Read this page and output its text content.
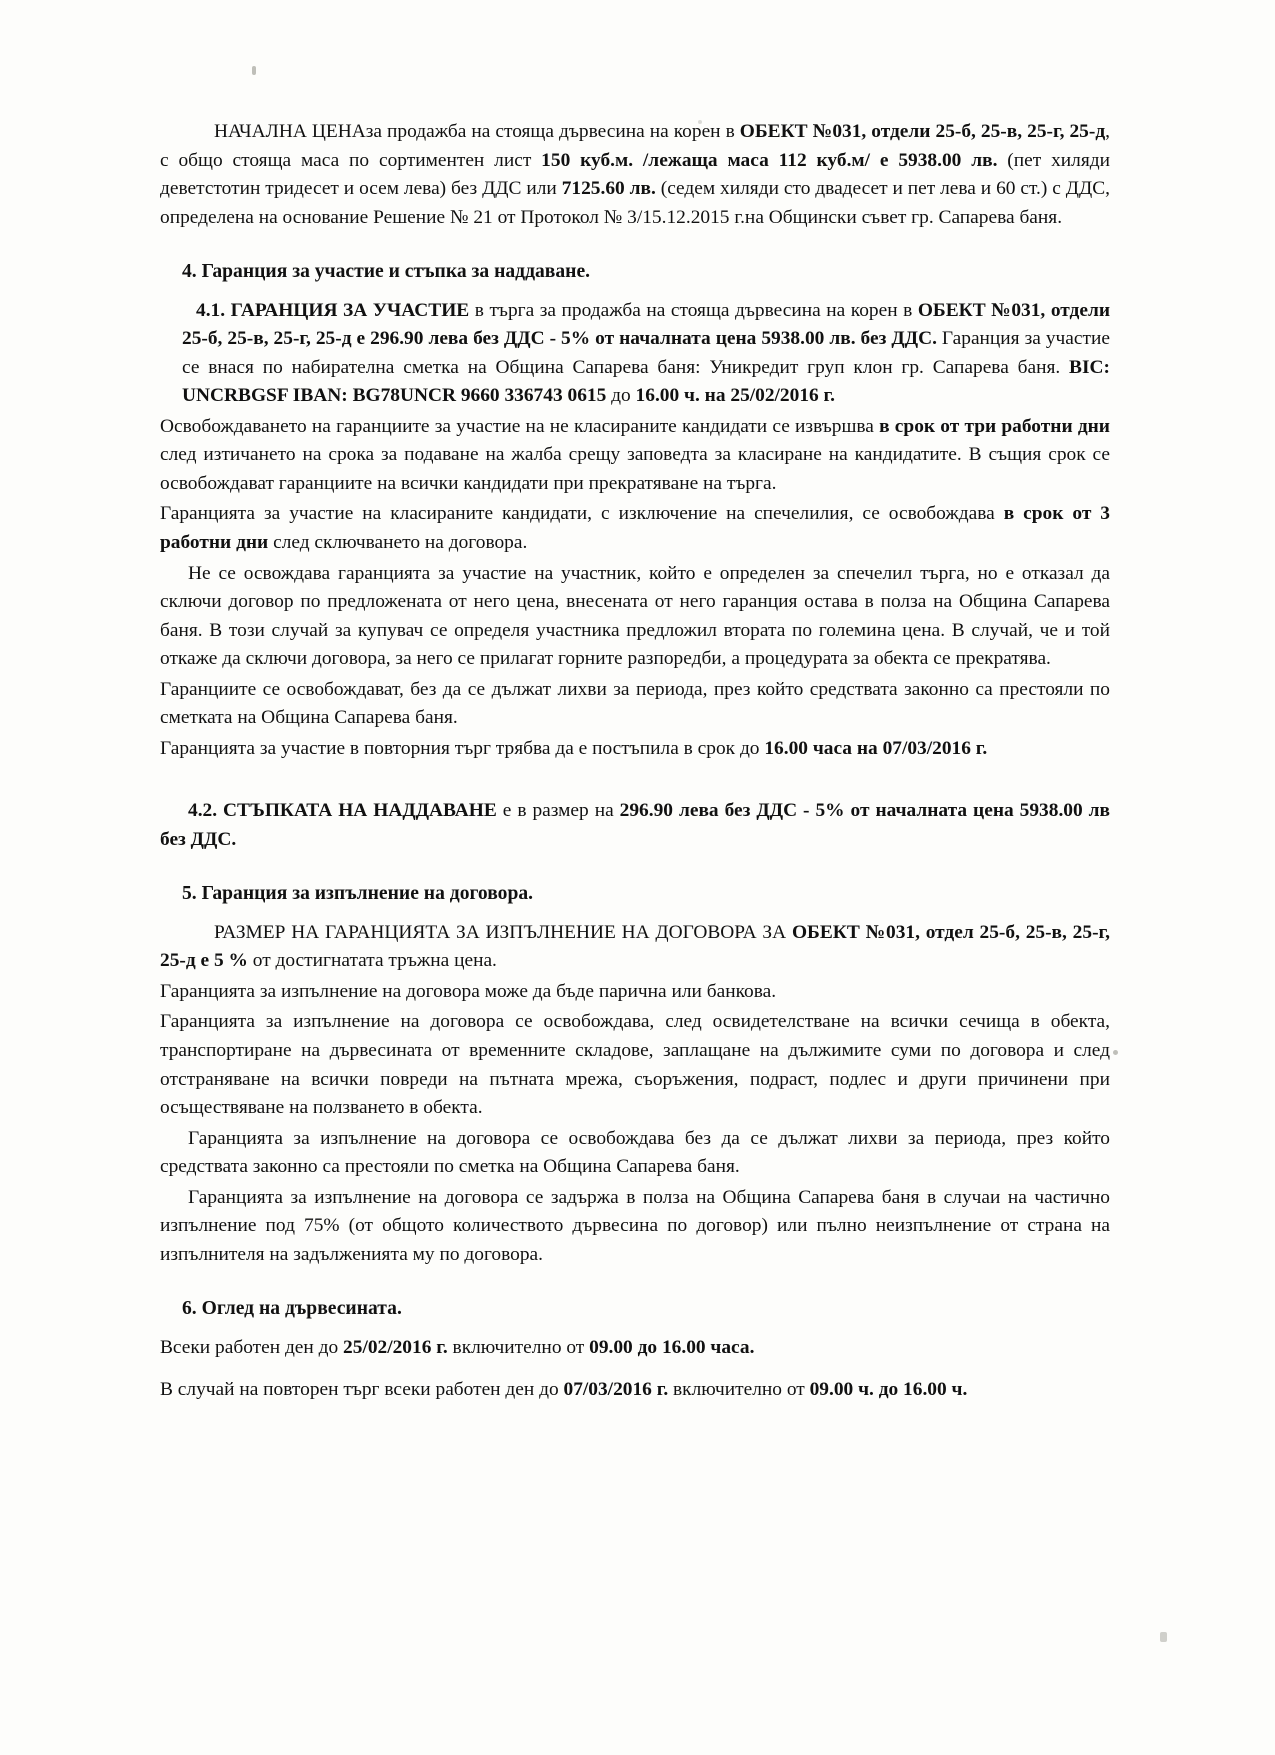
НАЧАЛНА ЦЕНАза продажба на стояща дървесина на корен в ОБЕКТ №031, отдели 25-б, 25-в, 25-г, 25-д, с общо стояща маса по сортиментен лист 150 куб.м. /лежаща маса 112 куб.м/ е 5938.00 лв. (пет хиляди деветстотин тридесет и осем лева) без ДДС или 7125.60 лв. (седем хиляди сто двадесет и пет лева и 60 ст.) с ДДС, определена на основание Решение № 21 от Протокол № 3/15.12.2015 г.на Общински съвет гр. Сапарева баня.

4. Гаранция за участие и стъпка за наддаване.

4.1. ГАРАНЦИЯ ЗА УЧАСТИЕ в търга за продажба на стояща дървесина на корен в ОБЕКТ №031, отдели 25-б, 25-в, 25-г, 25-д е 296.90 лева без ДДС - 5% от началната цена 5938.00 лв. без ДДС. Гаранция за участие се внася по набирателна сметка на Община Сапарева баня: Уникредит груп клон гр. Сапарева баня. BIC: UNCRBGSF IBAN: BG78UNCR 9660 336743 0615 до 16.00 ч. на 25/02/2016 г.

Освобождаването на гаранциите за участие на не класираните кандидати се извършва в срок от три работни дни след изтичането на срока за подаване на жалба срещу заповедта за класиране на кандидатите. В същия срок се освобождават гаранциите на всички кандидати при прекратяване на търга.

Гаранцията за участие на класираните кандидати, с изключение на спечелилия, се освобождава в срок от 3 работни дни след сключването на договора.

Не се освождава гаранцията за участие на участник, който е определен за спечелил търга, но е отказал да сключи договор по предложената от него цена, внесената от него гаранция остава в полза на Община Сапарева баня. В този случай за купувач се определя участника предложил втората по големина цена. В случай, че и той откаже да сключи договора, за него се прилагат горните разпоредби, а процедурата за обекта се прекратява.

Гаранциите се освобождават, без да се дължат лихви за периода, през който средствата законно са престояли по сметката на Община Сапарева баня.

Гаранцията за участие в повторния търг трябва да е постъпила в срок до 16.00 часа на 07/03/2016 г.

4.2. СТЪПКАТА НА НАДДАВАНЕ е в размер на 296.90 лева без ДДС - 5% от началната цена 5938.00 лв без ДДС.

5. Гаранция за изпълнение на договора.

РАЗМЕР НА ГАРАНЦИЯТА ЗА ИЗПЪЛНЕНИЕ НА ДОГОВОРА ЗА ОБЕКТ №031, отдел 25-б, 25-в, 25-г, 25-д е 5 % от достигнатата тръжна цена.

Гаранцията за изпълнение на договора може да бъде парична или банкова.

Гаранцията за изпълнение на договора се освобождава, след освидетелстване на всички сечища в обекта, транспортиране на дървесината от временните складове, заплащане на дължимите суми по договора и след отстраняване на всички повреди на пътната мрежа, съоръжения, подраст, подлес и други причинени при осъществяване на ползването в обекта.

Гаранцията за изпълнение на договора се освобождава без да се дължат лихви за периода, през който средствата законно са престояли по сметка на Община Сапарева баня.

Гаранцията за изпълнение на договора се задържа в полза на Община Сапарева баня в случаи на частично изпълнение под 75% (от общото количеството дървесина по договор) или пълно неизпълнение от страна на изпълнителя на задълженията му по договора.

6. Оглед на дървесината.

Всеки работен ден до 25/02/2016 г. включително от 09.00 до 16.00 часа.

В случай на повторен търг всеки работен ден до 07/03/2016 г. включително от 09.00 ч. до 16.00 ч.
